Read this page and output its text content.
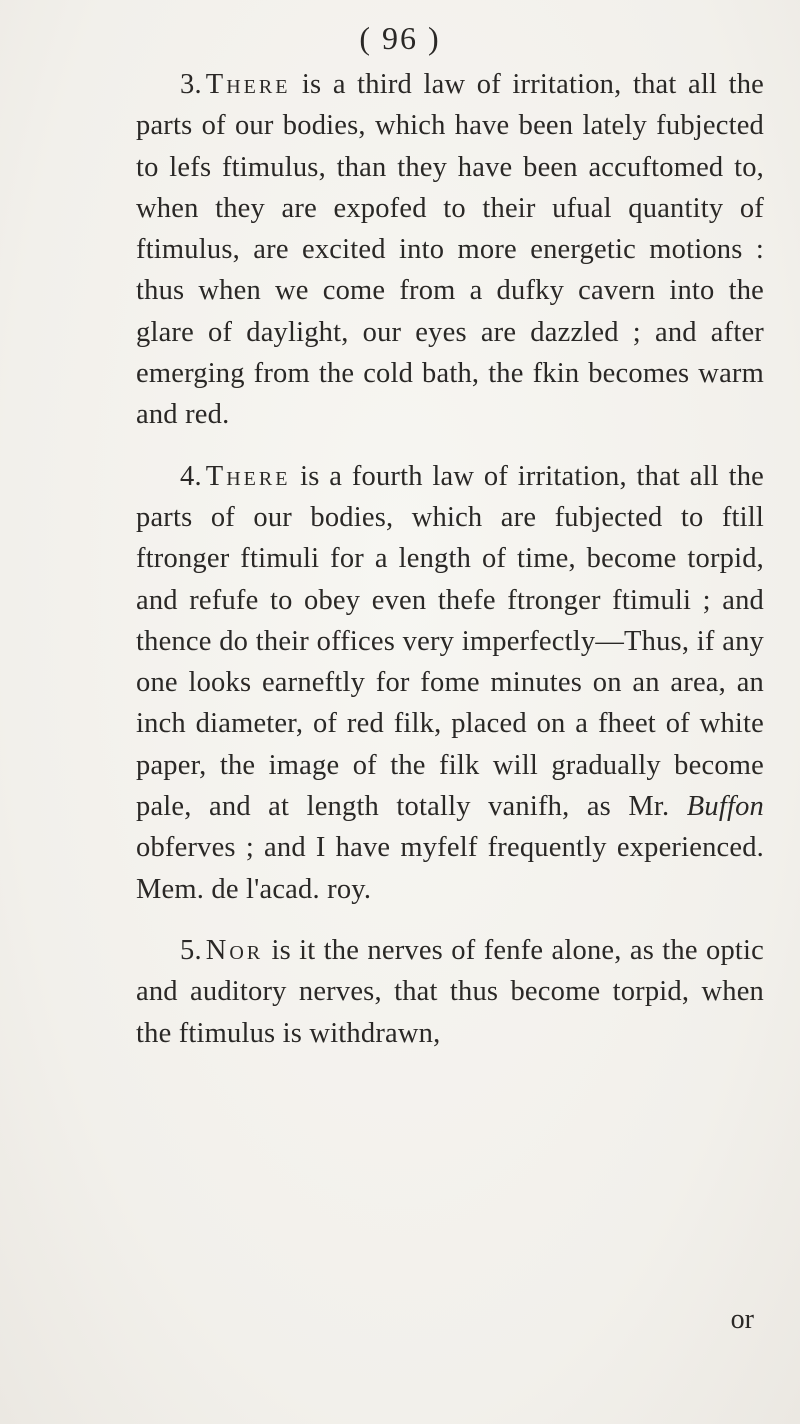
( 96 )

3. There is a third law of irritation, that all the parts of our bodies, which have been lately fubjected to lefs ftimulus, than they have been accuftomed to, when they are expofed to their ufual quantity of ftimulus, are excited into more energetic motions : thus when we come from a dufky cavern into the glare of daylight, our eyes are dazzled ; and after emerging from the cold bath, the fkin becomes warm and red.

4. There is a fourth law of irritation, that all the parts of our bodies, which are fubjected to ftill ftronger ftimuli for a length of time, become torpid, and refufe to obey even thefe ftronger ftimuli ; and thence do their offices very imperfectly—Thus, if any one looks earneftly for fome minutes on an area, an inch diameter, of red filk, placed on a fheet of white paper, the image of the filk will gradually become pale, and at length totally vanifh, as Mr. Buffon obferves ; and I have myfelf frequently experienced. Mem. de l'acad. roy.

5. Nor is it the nerves of fenfe alone, as the optic and auditory nerves, that thus become torpid, when the ftimulus is withdrawn,

or
